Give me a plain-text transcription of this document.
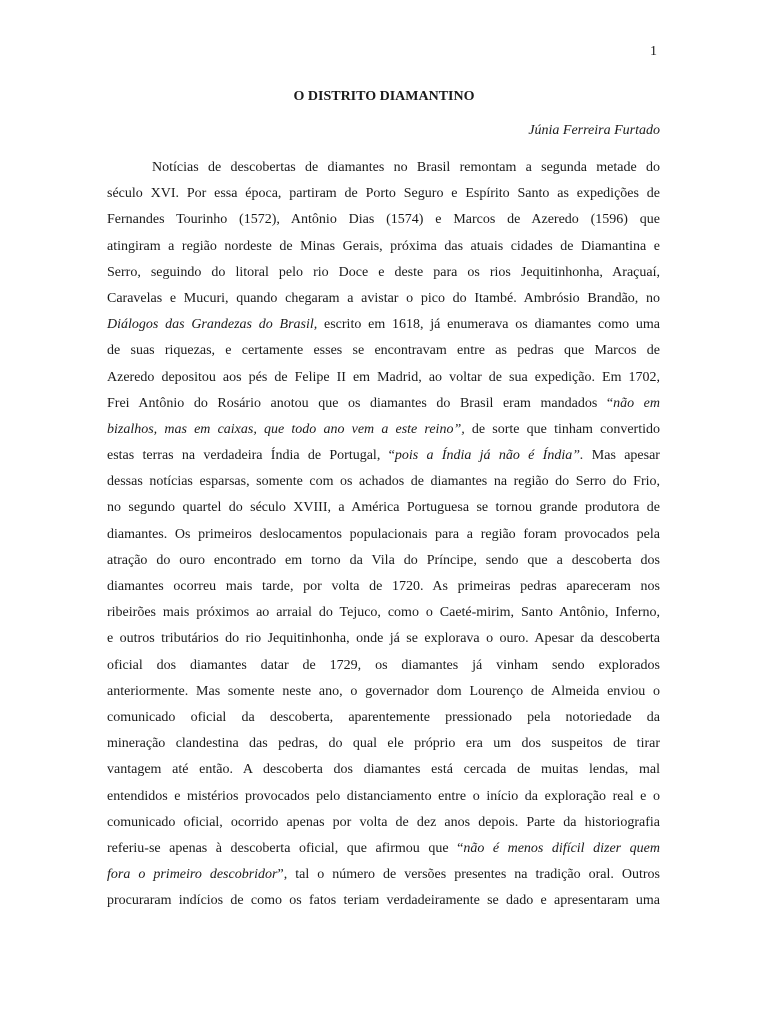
1
O DISTRITO DIAMANTINO
Júnia Ferreira Furtado
Notícias de descobertas de diamantes no Brasil remontam a segunda metade do
século XVI. Por essa época, partiram de Porto Seguro e Espírito Santo as expedições de
Fernandes Tourinho (1572), Antônio Dias (1574) e Marcos de Azeredo (1596) que
atingiram a região nordeste de Minas Gerais, próxima das atuais cidades de Diamantina e
Serro, seguindo do litoral pelo rio Doce e deste para os rios Jequitinhonha, Araçuaí,
Caravelas e Mucuri, quando chegaram a avistar o pico do Itambé. Ambrósio Brandão, no
Diálogos das Grandezas do Brasil, escrito em 1618, já enumerava os diamantes como uma
de suas riquezas, e certamente esses se encontravam entre as pedras que Marcos de
Azeredo depositou aos pés de Felipe II em Madrid, ao voltar de sua expedição. Em 1702,
Frei Antônio do Rosário anotou que os diamantes do Brasil eram mandados “não em
bizalhos, mas em caixas, que todo ano vem a este reino”, de sorte que tinham convertido
estas terras na verdadeira Índia de Portugal, “pois a Índia já não é Índia”. Mas apesar
dessas notícias esparsas, somente com os achados de diamantes na região do Serro do Frio,
no segundo quartel do século XVIII, a América Portuguesa se tornou grande produtora de
diamantes. Os primeiros deslocamentos populacionais para a região foram provocados pela
atração do ouro encontrado em torno da Vila do Príncipe, sendo que a descoberta dos
diamantes ocorreu mais tarde, por volta de 1720. As primeiras pedras apareceram nos
ribeirões mais próximos ao arraial do Tejuco, como o Caeté-mirim, Santo Antônio, Inferno,
e outros tributários do rio Jequitinhonha, onde já se explorava o ouro. Apesar da descoberta
oficial dos diamantes datar de 1729, os diamantes já vinham sendo explorados
anteriormente. Mas somente neste ano, o governador dom Lourenço de Almeida enviou o
comunicado oficial da descoberta, aparentemente pressionado pela notoriedade da
mineração clandestina das pedras, do qual ele próprio era um dos suspeitos de tirar
vantagem até então. A descoberta dos diamantes está cercada de muitas lendas, mal
entendidos e mistérios provocados pelo distanciamento entre o início da exploração real e o
comunicado oficial, ocorrido apenas por volta de dez anos depois. Parte da historiografia
referiu-se apenas à descoberta oficial, que afirmou que “não é menos difícil dizer quem
fora o primeiro descobridor”, tal o número de versões presentes na tradição oral. Outros
procuraram indícios de como os fatos teriam verdadeiramente se dado e apresentaram uma
